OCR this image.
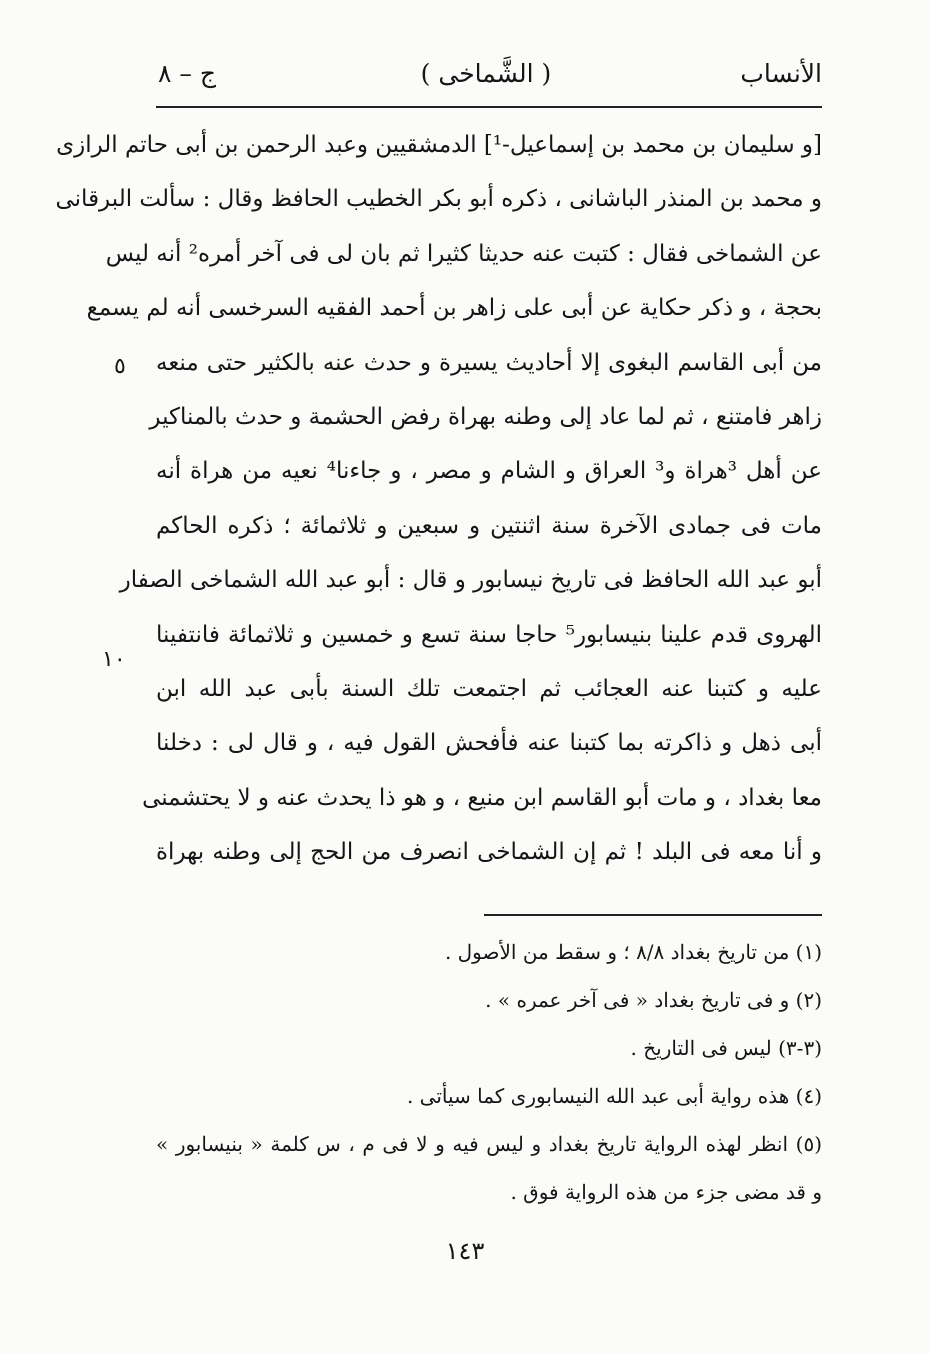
الأنساب
( الشَّماخى )
ج – ٨
[و سليمان بن محمد بن إسماعيل-¹] الدمشقيين وعبد الرحمن بن أبى حاتم الرازى
و محمد بن المنذر الباشانى ، ذكره أبو بكر الخطيب الحافظ وقال : سألت البرقانى
عن الشماخى فقال : كتبت عنه حديثا كثيرا ثم بان لى فى آخر أمره² أنه ليس
بحجة ، و ذكر حكاية عن أبى على زاهر بن أحمد الفقيه السرخسى أنه لم يسمع
من أبى القاسم البغوى إلا أحاديث يسيرة و حدث عنه بالكثير حتى منعه
زاهر فامتنع ، ثم لما عاد إلى وطنه بهراة رفض الحشمة و حدث بالمناكير
عن أهل ³هراة و³ العراق و الشام و مصر ، و جاءنا⁴ نعيه من هراة أنه
مات فى جمادى الآخرة سنة اثنتين و سبعين و ثلاثمائة ؛ ذكره الحاكم
أبو عبد الله الحافظ فى تاريخ نيسابور و قال : أبو عبد الله الشماخى الصفار
الهروى قدم علينا بنيسابور⁵ حاجا سنة تسع و خمسين و ثلاثمائة فانتفينا
عليه و كتبنا عنه العجائب ثم اجتمعت تلك السنة بأبى عبد الله ابن
أبى ذهل و ذاكرته بما كتبنا عنه فأفحش القول فيه ، و قال لى : دخلنا
معا بغداد ، و مات أبو القاسم ابن منيع ، و هو ذا يحدث عنه و لا يحتشمنى
و أنا معه فى البلد ! ثم إن الشماخى انصرف من الحج إلى وطنه بهراة
٥
١٠
(١) من تاريخ بغداد ٨/٨ ؛ و سقط من الأصول .
(٢) و فى تاريخ بغداد « فى آخر عمره » .
(٣-٣) ليس فى التاريخ .
(٤) هذه رواية أبى عبد الله النيسابورى كما سيأتى .
(٥) انظر لهذه الرواية تاريخ بغداد و ليس فيه و لا فى م ، س كلمة « بنيسابور »
و قد مضى جزء من هذه الرواية فوق .
١٤٣
